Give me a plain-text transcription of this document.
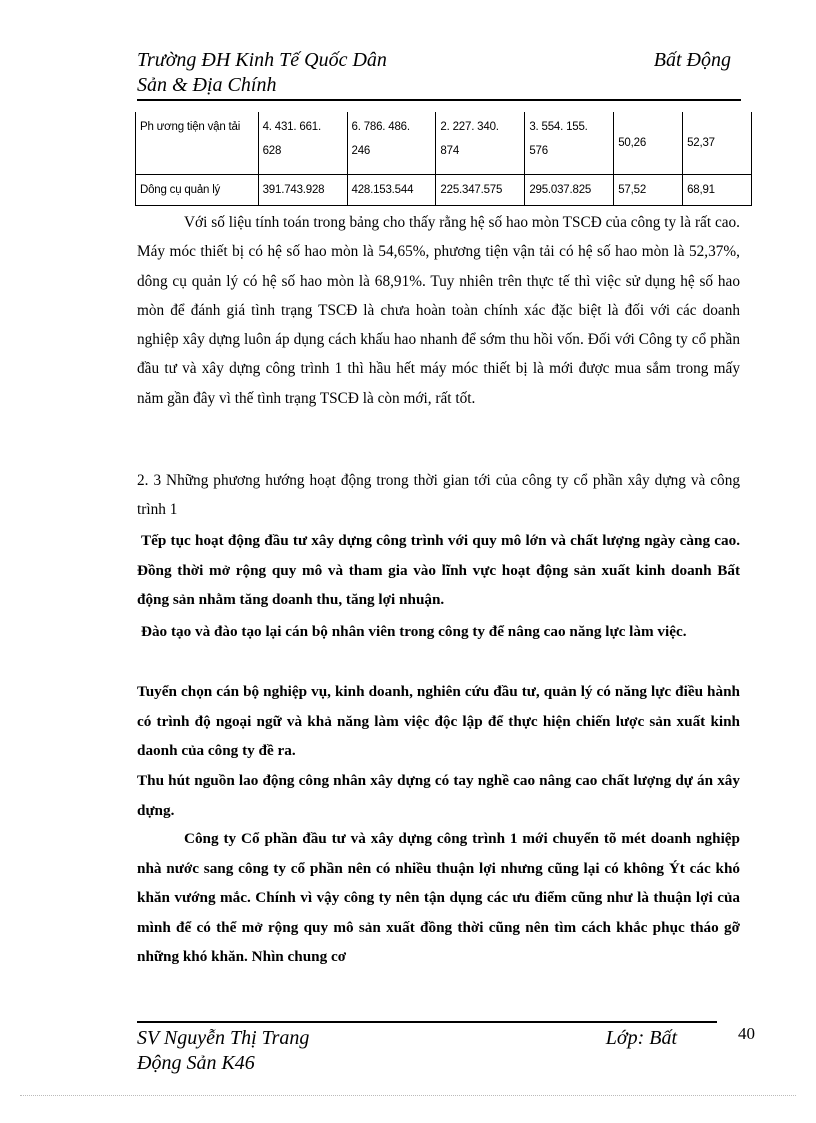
Trường ĐH Kinh Tế Quốc Dân	Bất Động
Sản & Địa Chính
Ph ương tiện vận tải	4. 431. 661. 628	6. 786. 486. 246	2. 227. 340. 874	3. 554. 155. 576	50,26	52,37
Dông cụ quản lý	391.743.928	428.153.544	225.347.575	295.037.825	57,52	68,91

Với số liệu tính toán trong bảng cho thấy rằng hệ số hao mòn TSCĐ của công ty là rất cao. Máy móc thiết bị có hệ số hao mòn là 54,65%, phương tiện vận tải có hệ số hao mòn là 52,37%, dông cụ quản lý có hệ số hao mòn là 68,91%. Tuy nhiên trên thực tế thì việc sử dụng hệ số hao mòn để đánh giá tình trạng TSCĐ là chưa hoàn toàn chính xác đặc biệt là đối với các doanh nghiệp xây dựng luôn áp dụng cách khấu hao nhanh để sớm thu hồi vốn. Đối với Công ty cổ phần đầu tư và xây dựng công trình 1 thì hầu hết máy móc thiết bị là mới được mua sắm trong mấy năm gần đây vì thế tình trạng TSCĐ là còn mới, rất tốt.

2. 3 Những phương hướng hoạt động trong thời gian tới của công ty cổ phần xây dựng và công trình 1

Tếp tục hoạt động đầu tư xây dựng công trình với quy mô lớn và chất lượng ngày càng cao. Đồng thời mở rộng quy mô và tham gia vào lĩnh vực hoạt động sản xuất kinh doanh Bất động sản nhằm tăng doanh thu, tăng lợi nhuận.

Đào tạo và đào tạo lại cán bộ nhân viên trong công ty để nâng cao năng lực làm việc.

Tuyển chọn cán bộ nghiệp vụ, kinh doanh, nghiên cứu đầu tư, quản lý có năng lực điều hành có trình độ ngoại ngữ và khả năng làm việc độc lập để thực hiện chiến lược sản xuất kinh daonh của công ty đề ra.

Thu hút nguồn lao động công nhân xây dựng có tay nghề cao nâng cao chất lượng dự án xây dựng.

Công ty Cổ phần đầu tư và xây dựng công trình 1 mới chuyển tõ mét doanh nghiệp nhà nước sang công ty cổ phần nên có nhiều thuận lợi nhưng cũng lại có không Ýt các khó khăn vướng mắc. Chính vì vậy công ty nên tận dụng các ưu điểm cũng như là thuận lợi của mình để có thể mở rộng quy mô sản xuất đồng thời cũng nên tìm cách khắc phục tháo gỡ những khó khăn. Nhìn chung cơ

SV Nguyễn Thị Trang	Lớp: Bất
Động Sản K46
40
